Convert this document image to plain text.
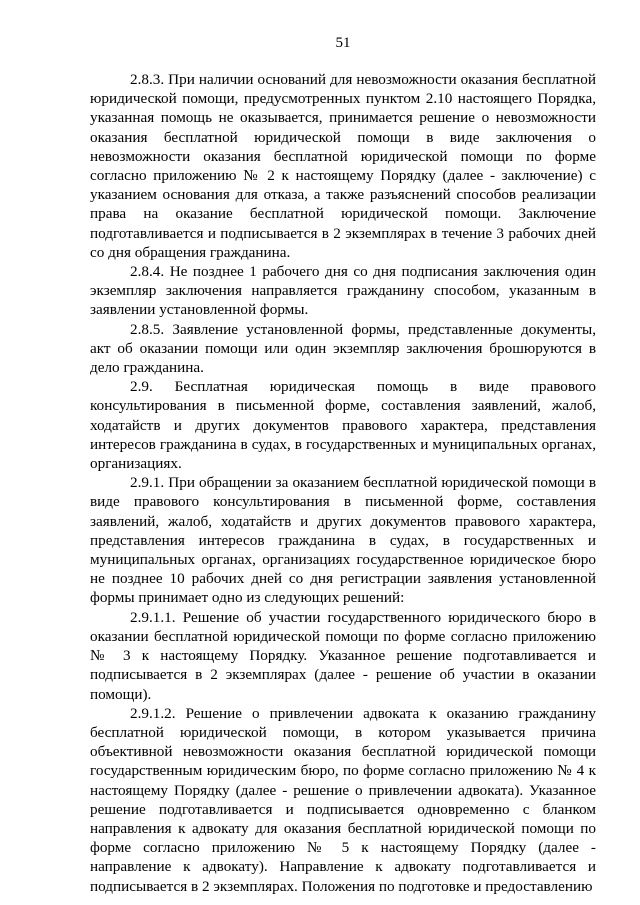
51

2.8.3. При наличии оснований для невозможности оказания бесплатной юридической помощи, предусмотренных пунктом 2.10 настоящего Порядка, указанная помощь не оказывается, принимается решение о невозможности оказания бесплатной юридической помощи в виде заключения о невозможности оказания бесплатной юридической помощи по форме согласно приложению № 2 к настоящему Порядку (далее - заключение) с указанием основания для отказа, а также разъяснений способов реализации права на оказание бесплатной юридической помощи. Заключение подготавливается и подписывается в 2 экземплярах в течение 3 рабочих дней со дня обращения гражданина.

2.8.4. Не позднее 1 рабочего дня со дня подписания заключения один экземпляр заключения направляется гражданину способом, указанным в заявлении установленной формы.

2.8.5. Заявление установленной формы, представленные документы, акт об оказании помощи или один экземпляр заключения брошюруются в дело гражданина.

2.9. Бесплатная юридическая помощь в виде правового консультирования в письменной форме, составления заявлений, жалоб, ходатайств и других документов правового характера, представления интересов гражданина в судах, в государственных и муниципальных органах, организациях.

2.9.1. При обращении за оказанием бесплатной юридической помощи в виде правового консультирования в письменной форме, составления заявлений, жалоб, ходатайств и других документов правового характера, представления интересов гражданина в судах, в государственных и муниципальных органах, организациях государственное юридическое бюро не позднее 10 рабочих дней со дня регистрации заявления установленной формы принимает одно из следующих решений:

2.9.1.1. Решение об участии государственного юридического бюро в оказании бесплатной юридической помощи по форме согласно приложению № 3 к настоящему Порядку. Указанное решение подготавливается и подписывается в 2 экземплярах (далее - решение об участии в оказании помощи).

2.9.1.2. Решение о привлечении адвоката к оказанию гражданину бесплатной юридической помощи, в котором указывается причина объективной невозможности оказания бесплатной юридической помощи государственным юридическим бюро, по форме согласно приложению № 4 к настоящему Порядку (далее - решение о привлечении адвоката). Указанное решение подготавливается и подписывается одновременно с бланком направления к адвокату для оказания бесплатной юридической помощи по форме согласно приложению № 5 к настоящему Порядку (далее - направление к адвокату). Направление к адвокату подготавливается и подписывается в 2 экземплярах. Положения по подготовке и предоставлению
